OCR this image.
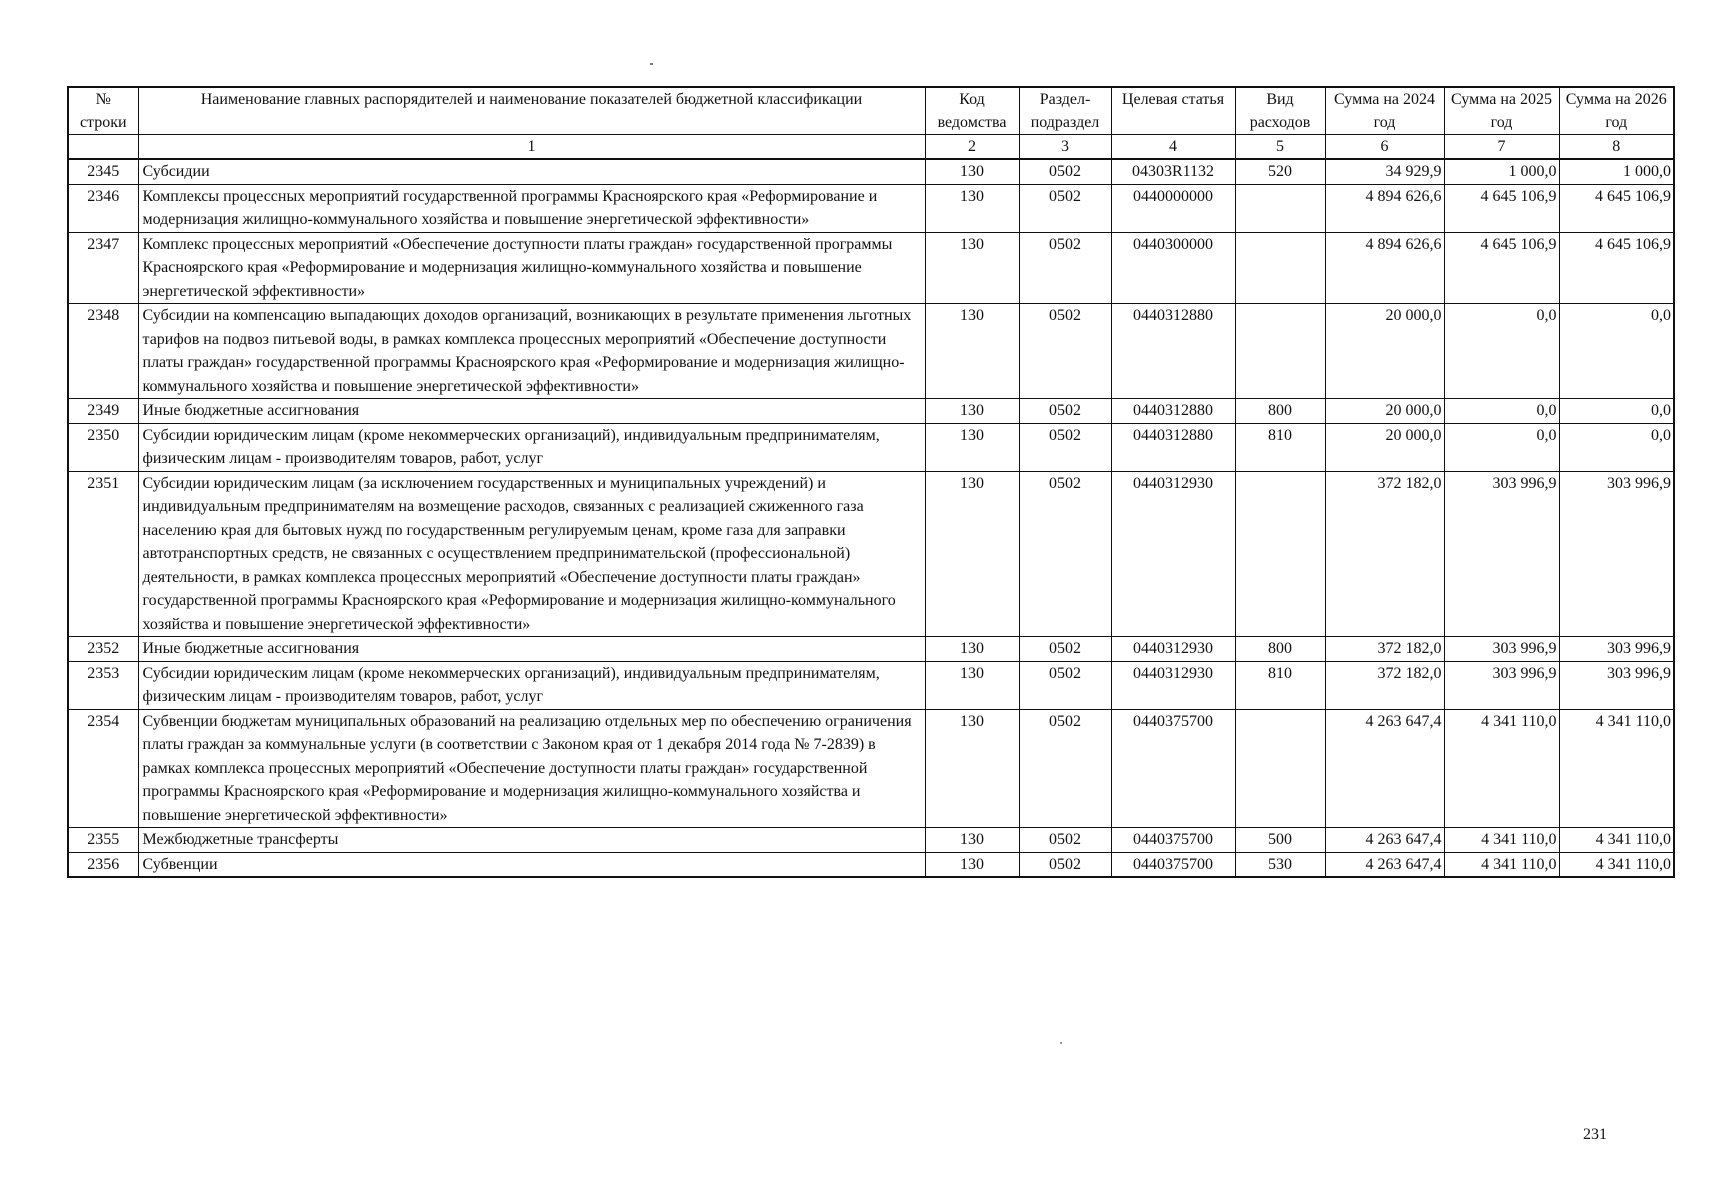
№ строки	Наименование главных распорядителей и наименование показателей бюджетной классификации	Код ведомства	Раздел-подраздел	Целевая статья	Вид расходов	Сумма на 2024 год	Сумма на 2025 год	Сумма на 2026 год
	1	2	3	4	5	6	7	8
2345	Субсидии	130	0502	04303R1132	520	34 929,9	1 000,0	1 000,0
2346	Комплексы процессных мероприятий государственной программы Красноярского края «Реформирование и модернизация жилищно-коммунального хозяйства и повышение энергетической эффективности»	130	0502	0440000000		4 894 626,6	4 645 106,9	4 645 106,9
2347	Комплекс процессных мероприятий «Обеспечение доступности платы граждан» государственной программы Красноярского края «Реформирование и модернизация жилищно-коммунального хозяйства и повышение энергетической эффективности»	130	0502	0440300000		4 894 626,6	4 645 106,9	4 645 106,9
2348	Субсидии на компенсацию выпадающих доходов организаций, возникающих в результате применения льготных тарифов на подвоз питьевой воды, в рамках комплекса процессных мероприятий «Обеспечение доступности платы граждан» государственной программы Красноярского края «Реформирование и модернизация жилищно-коммунального хозяйства и повышение энергетической эффективности»	130	0502	0440312880		20 000,0	0,0	0,0
2349	Иные бюджетные ассигнования	130	0502	0440312880	800	20 000,0	0,0	0,0
2350	Субсидии юридическим лицам (кроме некоммерческих организаций), индивидуальным предпринимателям, физическим лицам - производителям товаров, работ, услуг	130	0502	0440312880	810	20 000,0	0,0	0,0
2351	Субсидии юридическим лицам (за исключением государственных и муниципальных учреждений) и индивидуальным предпринимателям на возмещение расходов, связанных с реализацией сжиженного газа населению края для бытовых нужд по государственным регулируемым ценам, кроме газа для заправки автотранспортных средств, не связанных с осуществлением предпринимательской (профессиональной) деятельности, в рамках комплекса процессных мероприятий «Обеспечение доступности платы граждан» государственной программы Красноярского края «Реформирование и модернизация жилищно-коммунального хозяйства и повышение энергетической эффективности»	130	0502	0440312930		372 182,0	303 996,9	303 996,9
2352	Иные бюджетные ассигнования	130	0502	0440312930	800	372 182,0	303 996,9	303 996,9
2353	Субсидии юридическим лицам (кроме некоммерческих организаций), индивидуальным предпринимателям, физическим лицам - производителям товаров, работ, услуг	130	0502	0440312930	810	372 182,0	303 996,9	303 996,9
2354	Субвенции бюджетам муниципальных образований на реализацию отдельных мер по обеспечению ограничения платы граждан за коммунальные услуги (в соответствии с Законом края от 1 декабря 2014 года № 7-2839) в рамках комплекса процессных мероприятий «Обеспечение доступности платы граждан» государственной программы Красноярского края «Реформирование и модернизация жилищно-коммунального хозяйства и повышение энергетической эффективности»	130	0502	0440375700		4 263 647,4	4 341 110,0	4 341 110,0
2355	Межбюджетные трансферты	130	0502	0440375700	500	4 263 647,4	4 341 110,0	4 341 110,0
2356	Субвенции	130	0502	0440375700	530	4 263 647,4	4 341 110,0	4 341 110,0
231
